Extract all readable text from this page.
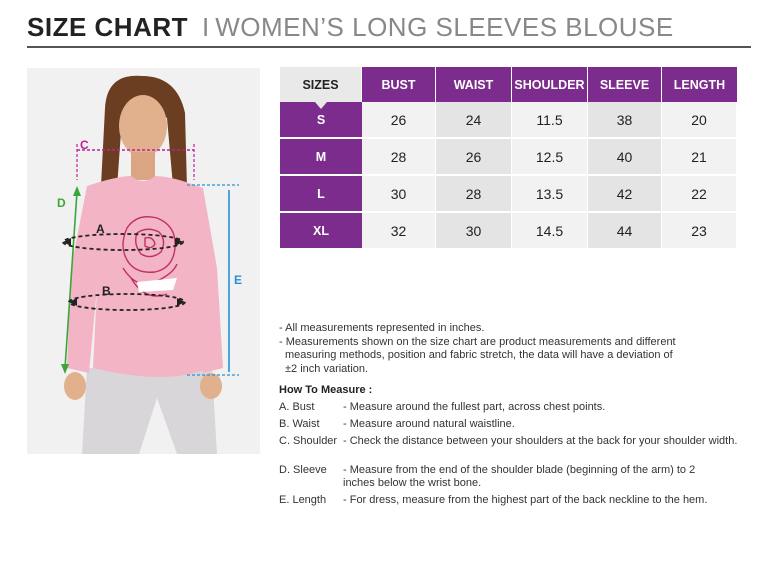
SIZE CHART I WOMEN’S LONG SLEEVES BLOUSE
C
D
E
A
B
SIZES	BUST	WAIST	SHOULDER	SLEEVE	LENGTH
S	26	24	11.5	38	20
M	28	26	12.5	40	21
L	30	28	13.5	42	22
XL	32	30	14.5	44	23

- All measurements represented in inches.

- Measurements shown on the size chart are product measurements and different

measuring methods, position and fabric stretch, the data will have a deviation of

±2 inch variation.

How To Measure :
A. Bust	- Measure around the fullest part, across chest points.
B. Waist	- Measure around natural waistline.
C. Shoulder - Check the distance between your shoulders at the back for your shoulder width.
D. Sleeve	- Measure from the end of the shoulder blade (beginning of the arm) to 2 inches below the wrist bone.
E. Length	- For dress, measure from the highest part of the back neckline to the hem.
